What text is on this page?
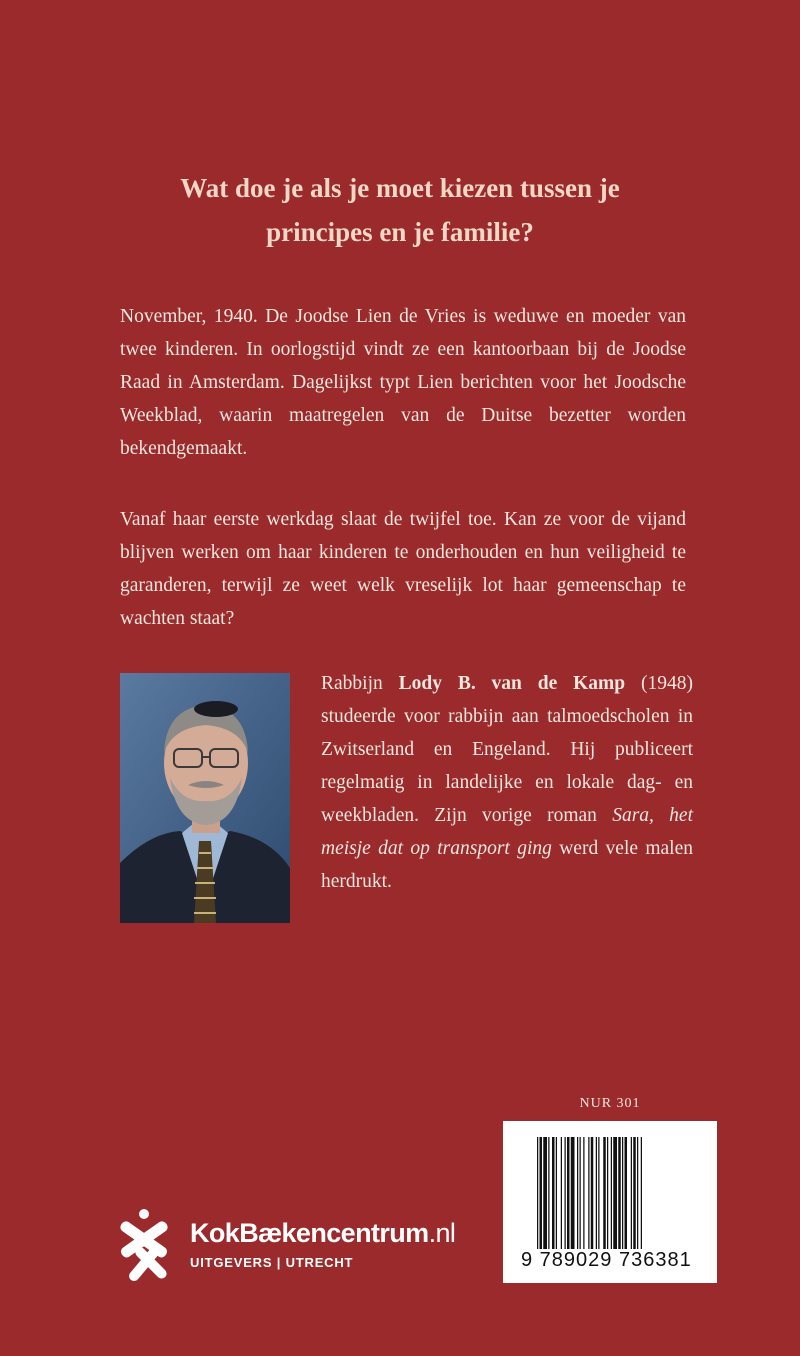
Wat doe je als je moet kiezen tussen je
principes en je familie?

November, 1940. De Joodse Lien de Vries is weduwe en moeder van twee kinderen. In oorlogstijd vindt ze een kantoorbaan bij de Joodse Raad in Amsterdam. Dagelijkst typt Lien berichten voor het Joodsche Weekblad, waarin maatregelen van de Duitse bezetter worden bekendgemaakt.

Vanaf haar eerste werkdag slaat de twijfel toe. Kan ze voor de vijand blijven werken om haar kinderen te onderhouden en hun veiligheid te garanderen, terwijl ze weet welk vreselijk lot haar gemeenschap te wachten staat?

Rabbijn Lody B. van de Kamp (1948) studeerde voor rabbijn aan talmoedscholen in Zwitserland en Engeland. Hij publiceert regelmatig in landelijke en lokale dag- en weekbladen. Zijn vorige roman Sara, het meisje dat op transport ging werd vele malen herdrukt.

NUR 301
9 789029 736381
KokBækencentrum.nl
UITGEVERS | UTRECHT
